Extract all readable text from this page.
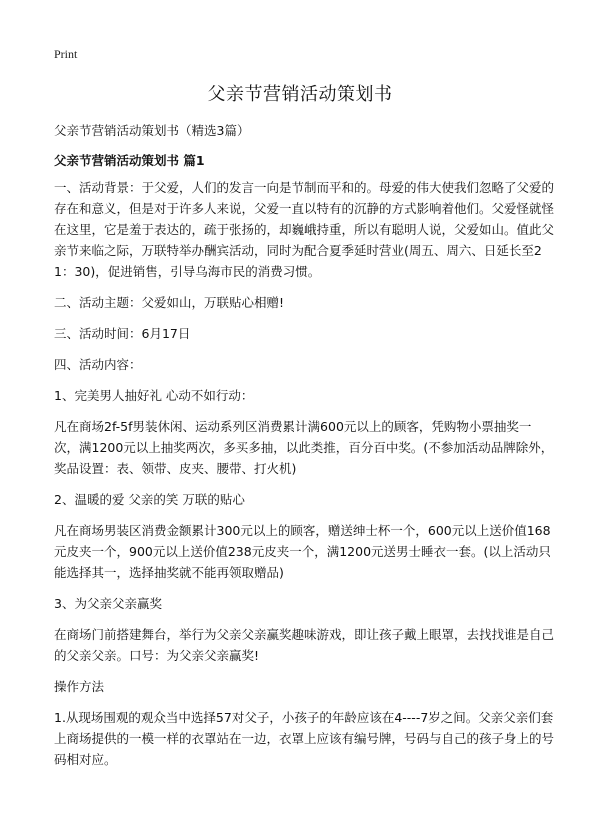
Print
父亲节营销活动策划书

父亲节营销活动策划书（精选3篇）

父亲节营销活动策划书 篇1

一、活动背景：于父爱，人们的发言一向是节制而平和的。母爱的伟大使我们忽略了父爱的存在和意义，但是对于许多人来说，父爱一直以特有的沉静的方式影响着他们。父爱怪就怪在这里，它是羞于表达的，疏于张扬的，却巍峨持重，所以有聪明人说，父爱如山。值此父亲节来临之际，万联特举办酬宾活动，同时为配合夏季延时营业(周五、周六、日延长至21：30)，促进销售，引导乌海市民的消费习惯。

二、活动主题：父爱如山，万联贴心相赠!

三、活动时间：6月17日

四、活动内容：

1、完美男人抽好礼 心动不如行动：

凡在商场2f-5f男装休闲、运动系列区消费累计满600元以上的顾客，凭购物小票抽奖一次，满1200元以上抽奖两次，多买多抽，以此类推，百分百中奖。(不参加活动品牌除外，奖品设置：表、领带、皮夹、腰带、打火机)

2、温暖的爱 父亲的笑 万联的贴心

凡在商场男装区消费金额累计300元以上的顾客，赠送绅士杯一个，600元以上送价值168元皮夹一个，900元以上送价值238元皮夹一个，满1200元送男士睡衣一套。(以上活动只能选择其一，选择抽奖就不能再领取赠品)

3、为父亲父亲赢奖

在商场门前搭建舞台，举行为父亲父亲赢奖趣味游戏，即让孩子戴上眼罩，去找找谁是自己的父亲父亲。口号：为父亲父亲赢奖!

操作方法

1.从现场围观的观众当中选择57对父子，小孩子的年龄应该在4----7岁之间。父亲父亲们套上商场提供的一模一样的衣罩站在一边，衣罩上应该有编号牌，号码与自己的孩子身上的号码相对应。
